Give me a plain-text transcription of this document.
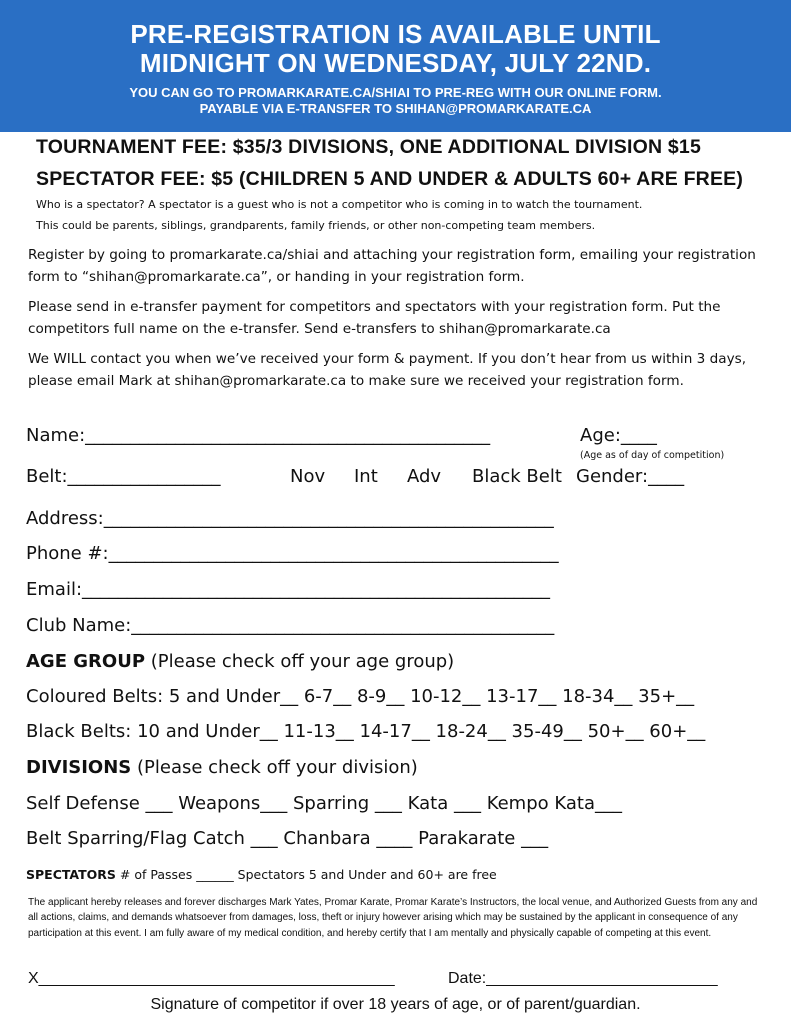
PRE-REGISTRATION IS AVAILABLE UNTIL
MIDNIGHT ON WEDNESDAY, JULY 22ND.
YOU CAN GO TO PROMARKARATE.CA/SHIAI TO PRE-REG WITH OUR ONLINE FORM.
PAYABLE VIA E-TRANSFER TO SHIHAN@PROMARKARATE.CA
TOURNAMENT FEE: $35/3 DIVISIONS, ONE ADDITIONAL DIVISION $15
SPECTATOR FEE: $5 (CHILDREN 5 AND UNDER & ADULTS 60+ ARE FREE)
Who is a spectator? A spectator is a guest who is not a competitor who is coming in to watch the tournament.
This could be parents, siblings, grandparents, family friends, or other non-competing team members.
Register by going to promarkarate.ca/shiai and attaching your registration form, emailing your registration form to “shihan@promarkarate.ca”, or handing in your registration form.
Please send in e-transfer payment for competitors and spectators with your registration form. Put the competitors full name on the e-transfer. Send e-transfers to shihan@promarkarate.ca
We WILL contact you when we’ve received your form & payment. If you don’t hear from us within 3 days, please email Mark at shihan@promarkarate.ca to make sure we received your registration form.
Name:_____________________________________________	Age:____
(Age as of day of competition)
Belt:_________________	Nov Int Adv Black Belt Gender:____
Address:__________________________________________________
Phone #:__________________________________________________
Email:____________________________________________________
Club Name:_______________________________________________
AGE GROUP (Please check off your age group)
Coloured Belts: 5 and Under__ 6-7__ 8-9__ 10-12__ 13-17__ 18-34__ 35+__
Black Belts: 10 and Under__ 11-13__ 14-17__ 18-24__ 35-49__ 50+__ 60+__
DIVISIONS (Please check off your division)
Self Defense ___ Weapons___ Sparring ___ Kata ___ Kempo Kata___
Belt Sparring/Flag Catch ___ Chanbara ____ Parakarate ___
SPECTATORS # of Passes ______ Spectators 5 and Under and 60+ are free
The applicant hereby releases and forever discharges Mark Yates, Promar Karate, Promar Karate’s Instructors, the local venue, and Authorized Guests from any and all actions, claims, and demands whatsoever from damages, loss, theft or injury however arising which may be sustained by the applicant in consequence of any participation at this event. I am fully aware of my medical condition, and hereby certify that I am mentally and physically capable of competing at this event.
X________________________________________	Date:__________________________
Signature of competitor if over 18 years of age, or of parent/guardian.
